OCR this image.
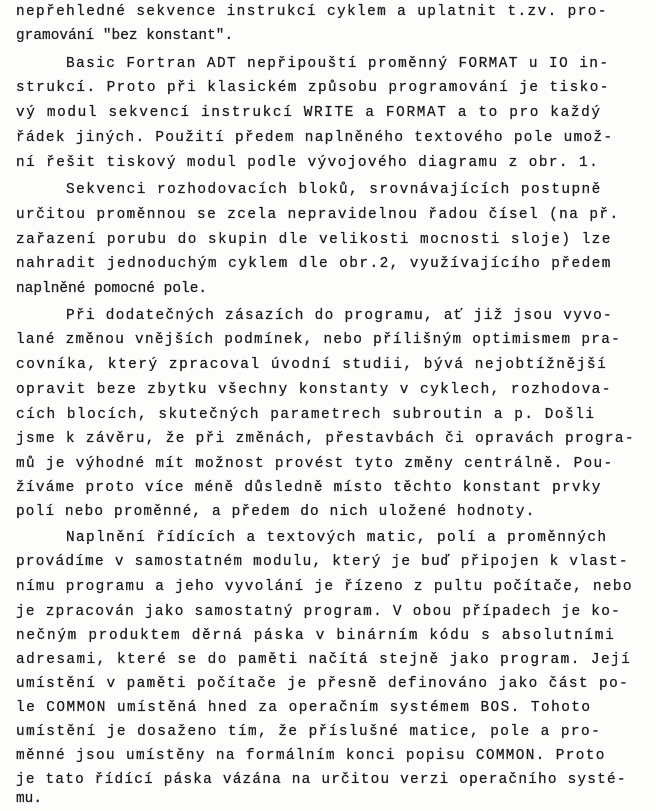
nepřehledné sekvence instrukcí cyklem a uplatnit t.zv. pro-
gramování "bez konstant".
Basic Fortran ADT nepřipouští proměnný FORMAT u IO in-
strukcí. Proto při klasickém způsobu programování je tisko-
vý modul sekvencí instrukcí WRITE a FORMAT a to pro každý
řádek jiných. Použití předem naplněného textového pole umož-
ní řešit tiskový modul podle vývojového diagramu z obr. 1.
Sekvenci rozhodovacích bloků, srovnávajících postupně
určitou proměnnou se zcela nepravidelnou řadou čísel (na př.
zařazení porubu do skupin dle velikosti mocnosti sloje) lze
nahradit jednoduchým cyklem dle obr.2, využívajícího předem
naplněné pomocné pole.
Při dodatečných zásazích do programu, ať již jsou vyvo-
lané změnou vnějších podmínek, nebo přílišným optimismem pra-
covníka, který zpracoval úvodní studii, bývá nejobtížnější
opravit beze zbytku všechny konstanty v cyklech, rozhodova-
cích blocích, skutečných parametrech subroutin a p. Došli
jsme k závěru, že při změnách, přestavbách či opravách progra-
mů je výhodné mít možnost provést tyto změny centrálně. Pou-
žíváme proto více méně důsledně místo těchto konstant prvky
polí nebo proměnné, a předem do nich uložené hodnoty.
Naplnění řídících a textových matic, polí a proměnných
provádíme v samostatném modulu, který je buď připojen k vlast-
nímu programu a jeho vyvolání je řízeno z pultu počítače, nebo
je zpracován jako samostatný program. V obou případech je ko-
nečným produktem děrná páska v binárním kódu s absolutními
adresami, které se do paměti načítá stejně jako program. Její
umístění v paměti počítače je přesně definováno jako část po-
le COMMON umístěná hned za operačním systémem BOS. Tohoto
umístění je dosaženo tím, že příslušné matice, pole a pro-
měnné jsou umístěny na formálním konci popisu COMMON. Proto
je tato řídící páska vázána na určitou verzi operačního systé-
mu.
